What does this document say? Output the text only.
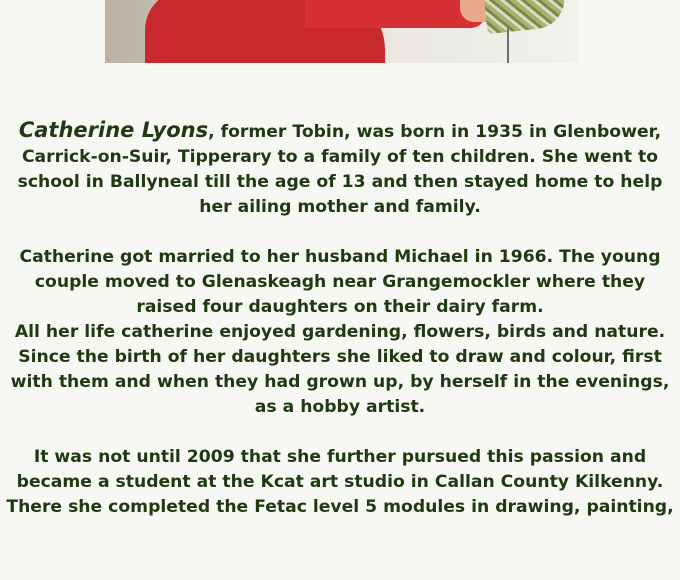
Catherine Lyons, former Tobin, was born in 1935 in Glenbower,

Carrick-on-Suir, Tipperary to a family of ten children. She went to

school in Ballyneal till the age of 13 and then stayed home to help

her ailing mother and family.

Catherine got married to her husband Michael in 1966. The young

couple moved to Glenaskeagh near Grangemockler where they

raised four daughters on their dairy farm.

All her life catherine enjoyed gardening, flowers, birds and nature.

Since the birth of her daughters she liked to draw and colour, first

with them and when they had grown up, by herself in the evenings,

as a hobby artist.

It was not until 2009 that she further pursued this passion and

became a student at the Kcat art studio in Callan County Kilkenny.

There she completed the Fetac level 5 modules in drawing, painting,
